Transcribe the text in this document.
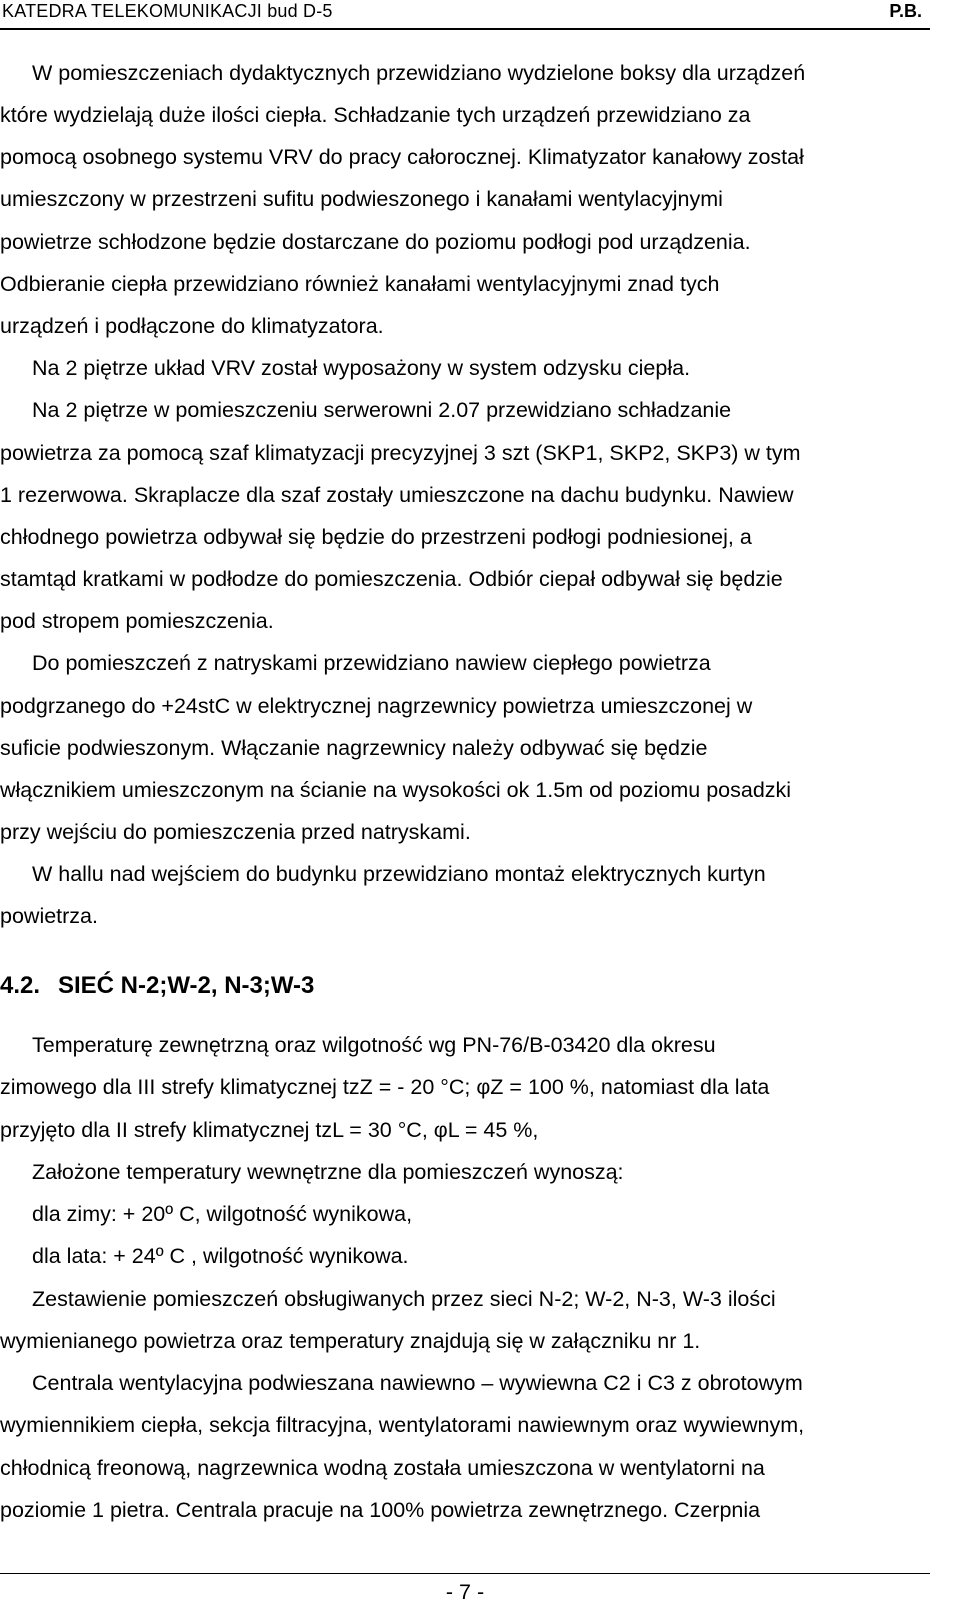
KATEDRA TELEKOMUNIKACJI bud D-5	P.B.
W pomieszczeniach dydaktycznych przewidziano wydzielone boksy dla urządzeń
które wydzielają duże ilości ciepła. Schładzanie tych urządzeń przewidziano za
pomocą osobnego systemu VRV do pracy całorocznej. Klimatyzator kanałowy został
umieszczony w przestrzeni sufitu podwieszonego i kanałami wentylacyjnymi
powietrze schłodzone będzie dostarczane do poziomu podłogi pod urządzenia.
Odbieranie ciepła przewidziano również kanałami wentylacyjnymi znad tych
urządzeń i podłączone do klimatyzatora.
Na 2 piętrze układ VRV został wyposażony w system odzysku ciepła.
Na 2 piętrze w pomieszczeniu serwerowni 2.07 przewidziano schładzanie
powietrza za pomocą szaf klimatyzacji precyzyjnej 3 szt (SKP1, SKP2, SKP3) w tym
1 rezerwowa. Skraplacze dla szaf zostały umieszczone na dachu budynku. Nawiew
chłodnego powietrza odbywał się będzie do przestrzeni podłogi podniesionej, a
stamtąd kratkami w podłodze do pomieszczenia. Odbiór ciepał odbywał się będzie
pod stropem pomieszczenia.
Do pomieszczeń z natryskami przewidziano nawiew ciepłego powietrza
podgrzanego do +24stC w elektrycznej nagrzewnicy powietrza umieszczonej w
suficie podwieszonym. Włączanie nagrzewnicy należy odbywać się będzie
włącznikiem umieszczonym na ścianie na wysokości ok 1.5m od poziomu posadzki
przy wejściu do pomieszczenia przed natryskami.
W hallu nad wejściem do budynku przewidziano montaż elektrycznych kurtyn
powietrza.
4.2. SIEĆ N-2;W-2, N-3;W-3
Temperaturę zewnętrzną oraz wilgotność wg PN-76/B-03420 dla okresu
zimowego dla III strefy klimatycznej tzZ = - 20 °C; φZ = 100 %, natomiast dla lata
przyjęto dla II strefy klimatycznej tzL = 30 °C, φL = 45 %,
Założone temperatury wewnętrzne dla pomieszczeń wynoszą:
dla zimy: + 20º C, wilgotność wynikowa,
dla lata: + 24º C , wilgotność wynikowa.
Zestawienie pomieszczeń obsługiwanych przez sieci N-2; W-2, N-3, W-3 ilości
wymienianego powietrza oraz temperatury znajdują się w załączniku nr 1.
Centrala wentylacyjna podwieszana nawiewno – wywiewna C2 i C3 z obrotowym
wymiennikiem ciepła, sekcja filtracyjna, wentylatorami nawiewnym oraz wywiewnym,
chłodnicą freonową, nagrzewnica wodną została umieszczona w wentylatorni na
poziomie 1 pietra. Centrala pracuje na 100% powietrza zewnętrznego. Czerpnia
- 7 -
